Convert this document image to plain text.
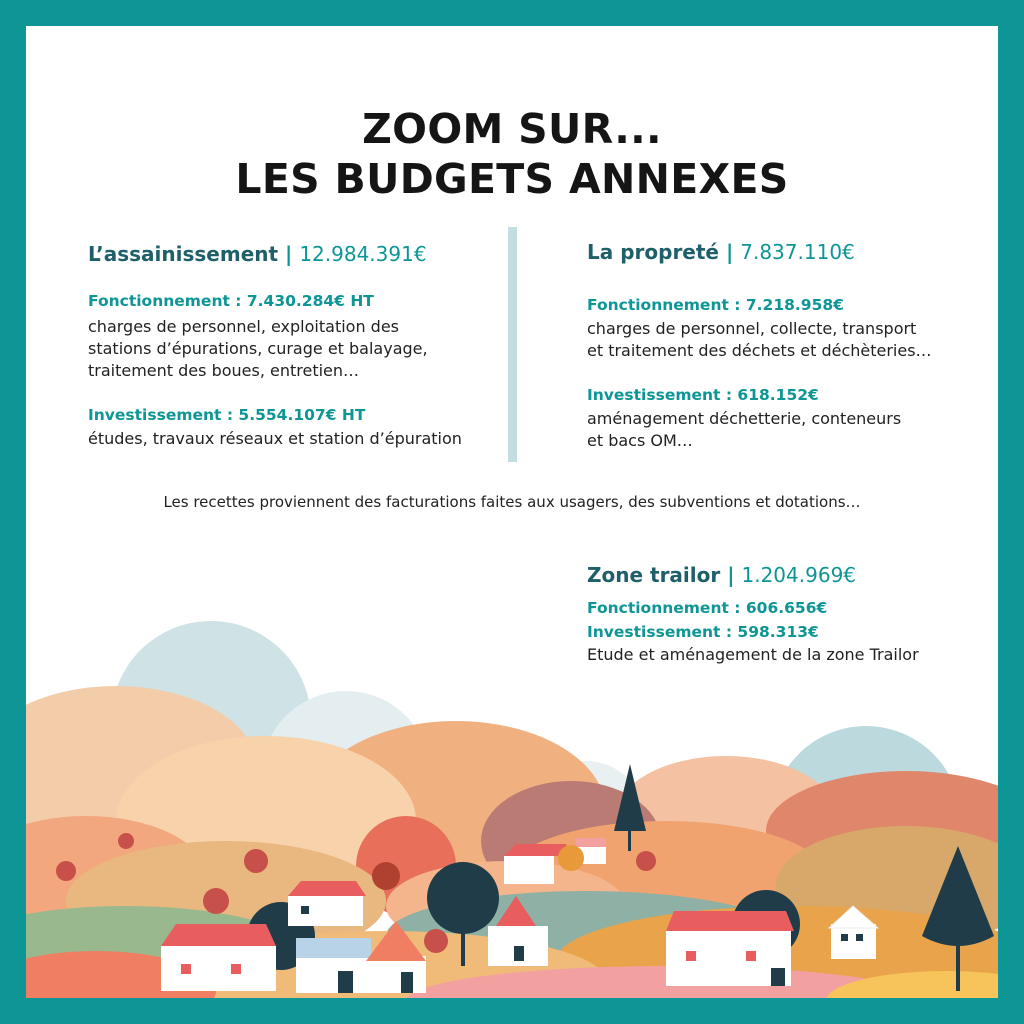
ZOOM SUR...
LES BUDGETS ANNEXES
L’assainissement | 12.984.391€
Fonctionnement : 7.430.284€ HT
charges de personnel, exploitation des
stations d’épurations, curage et balayage,
traitement des boues, entretien…
Investissement : 5.554.107€ HT
études, travaux réseaux et station d’épuration
La propreté | 7.837.110€
Fonctionnement : 7.218.958€
charges de personnel, collecte, transport
et traitement des déchets et déchèteries…
Investissement : 618.152€
aménagement déchetterie, conteneurs
et bacs OM…
Les recettes proviennent des facturations faites aux usagers, des subventions et dotations…
Zone trailor | 1.204.969€
Fonctionnement : 606.656€
Investissement : 598.313€
Etude et aménagement de la zone Trailor
